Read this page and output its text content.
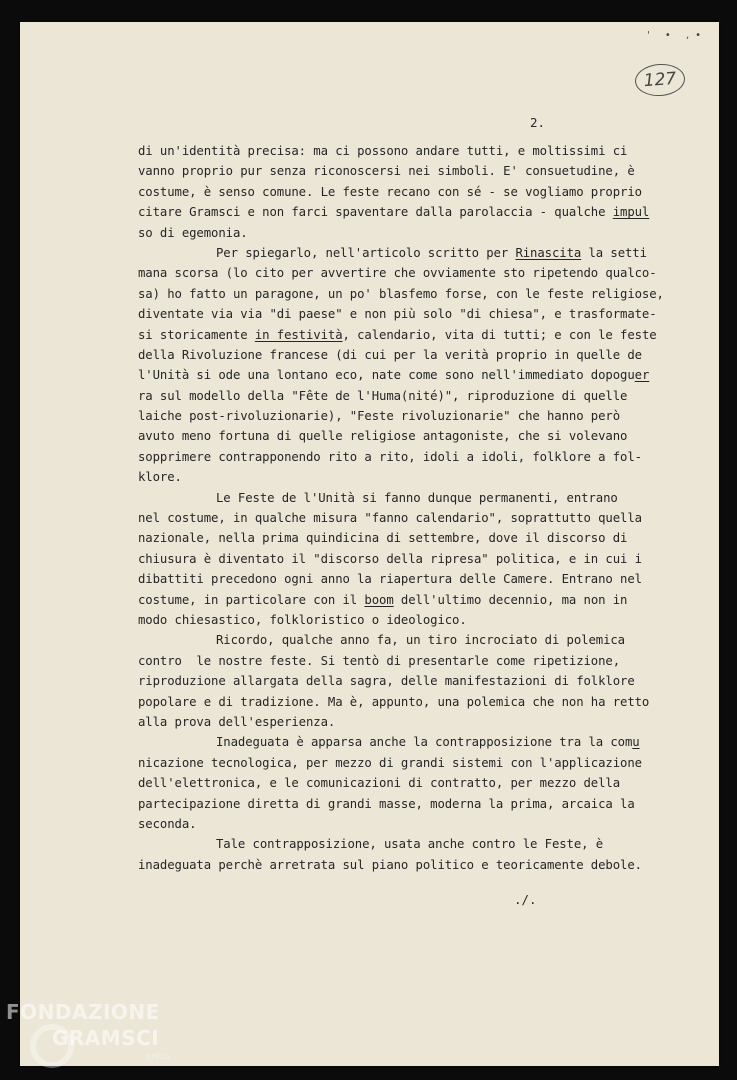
' • ,•
127
2.
di un'identità precisa: ma ci possono andare tutti, e moltissimi ci
vanno proprio pur senza riconoscersi nei simboli. E' consuetudine, è
costume, è senso comune. Le feste recano con sé - se vogliamo proprio
citare Gramsci e non farci spaventare dalla parolaccia - qualche impul
so di egemonia.
Per spiegarlo, nell'articolo scritto per Rinascita la setti
mana scorsa (lo cito per avvertire che ovviamente sto ripetendo qualco-
sa) ho fatto un paragone, un po' blasfemo forse, con le feste religiose,
diventate via via "di paese" e non più solo "di chiesa", e trasformate-
si storicamente in festività, calendario, vita di tutti; e con le feste
della Rivoluzione francese (di cui per la verità proprio in quelle de
l'Unità si ode una lontano eco, nate come sono nell'immediato dopoguer
ra sul modello della "Fête de l'Huma(nité)", riproduzione di quelle
laiche post-rivoluzionarie), "Feste rivoluzionarie" che hanno però
avuto meno fortuna di quelle religiose antagoniste, che si volevano
sopprimere contrapponendo rito a rito, idoli a idoli, folklore a fol-
klore.
Le Feste de l'Unità si fanno dunque permanenti, entrano
nel costume, in qualche misura "fanno calendario", soprattutto quella
nazionale, nella prima quindicina di settembre, dove il discorso di
chiusura è diventato il "discorso della ripresa" politica, e in cui i
dibattiti precedono ogni anno la riapertura delle Camere. Entrano nel
costume, in particolare con il boom dell'ultimo decennio, ma non in
modo chiesastico, folkloristico o ideologico.
Ricordo, qualche anno fa, un tiro incrociato di polemica
contro  le nostre feste. Si tentò di presentarle come ripetizione,
riproduzione allargata della sagra, delle manifestazioni di folklore
popolare e di tradizione. Ma è, appunto, una polemica che non ha retto
alla prova dell'esperienza.
Inadeguata è apparsa anche la contrapposizione tra la comu
nicazione tecnologica, per mezzo di grandi sistemi con l'applicazione
dell'elettronica, e le comunicazioni di contratto, per mezzo della
partecipazione diretta di grandi masse, moderna la prima, arcaica la
seconda.
Tale contrapposizione, usata anche contro le Feste, è
inadeguata perchè arretrata sul piano politico e teoricamente debole.
./.
FONDAZIONE
GRAMSCI
onlus
